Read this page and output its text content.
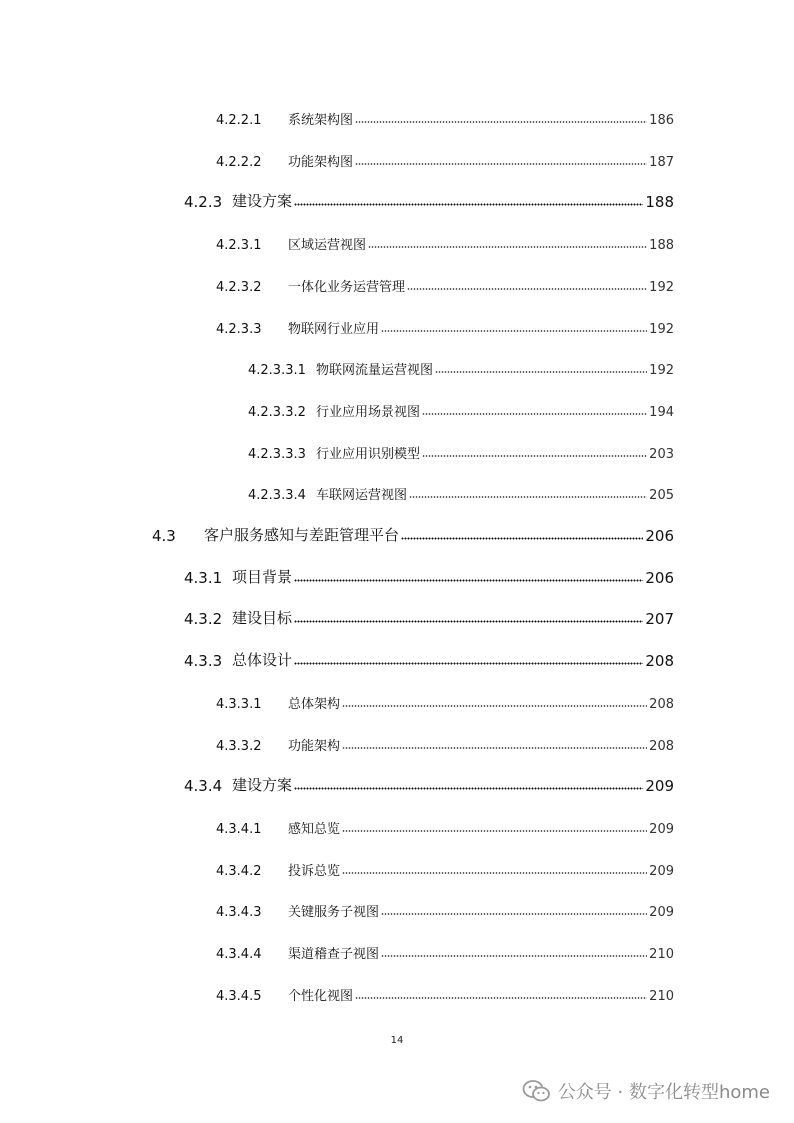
4.2.2.1	系统架构图	186
4.2.2.2	功能架构图	187
4.2.3 建设方案	188
4.2.3.1	区域运营视图	188
4.2.3.2	一体化业务运营管理	192
4.2.3.3	物联网行业应用	192
4.2.3.3.1 物联网流量运营视图	192
4.2.3.3.2 行业应用场景视图	194
4.2.3.3.3 行业应用识别模型	203
4.2.3.3.4 车联网运营视图	205
4.3	客户服务感知与差距管理平台	206
4.3.1 项目背景	206
4.3.2 建设目标	207
4.3.3 总体设计	208
4.3.3.1	总体架构	208
4.3.3.2	功能架构	208
4.3.4 建设方案	209
4.3.4.1	感知总览	209
4.3.4.2	投诉总览	209
4.3.4.3	关键服务子视图	209
4.3.4.4	渠道稽查子视图	210
4.3.4.5	个性化视图	210
14
公众号 · 数字化转型home
